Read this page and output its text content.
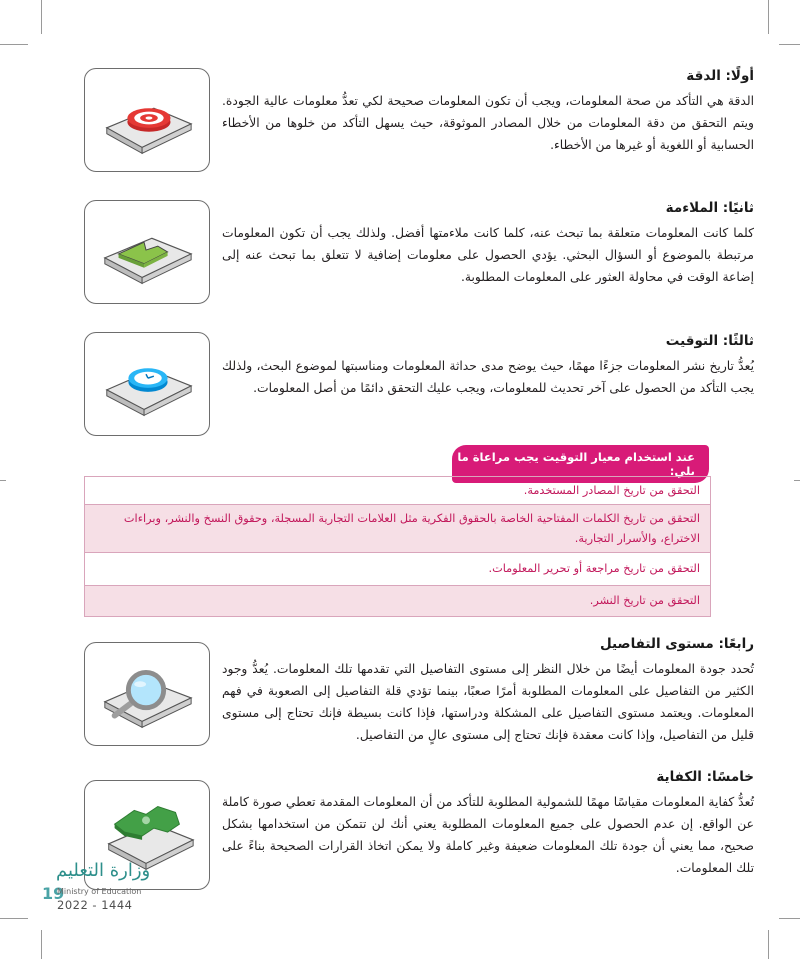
أولًا: الدقة

الدقة هي التأكد من صحة المعلومات، ويجب أن تكون المعلومات صحيحة لكي تعدُّ معلومات عالية الجودة. ويتم التحقق من دقة المعلومات من خلال المصادر الموثوقة، حيث يسهل التأكد من خلوها من الأخطاء الحسابية أو اللغوية أو غيرها من الأخطاء.

ثانيًا: الملاءمة

كلما كانت المعلومات متعلقة بما تبحث عنه، كلما كانت ملاءمتها أفضل. ولذلك يجب أن تكون المعلومات مرتبطة بالموضوع أو السؤال البحثي. يؤدي الحصول على معلومات إضافية لا تتعلق بما تبحث عنه إلى إضاعة الوقت في محاولة العثور على المعلومات المطلوبة.

ثالثًا: التوقيت

يُعدُّ تاريخ نشر المعلومات جزءًا مهمًا، حيث يوضح مدى حداثة المعلومات ومناسبتها لموضوع البحث، ولذلك يجب التأكد من الحصول على آخر تحديث للمعلومات، ويجب عليك التحقق دائمًا من أصل المعلومات.

عند استخدام معيار التوقيت يجب مراعاة ما يلي:
التحقق من تاريخ المصادر المستخدمة.
التحقق من تاريخ الكلمات المفتاحية الخاصة بالحقوق الفكرية مثل العلامات التجارية المسجلة، وحقوق النسخ والنشر، وبراءات الاختراع، والأسرار التجارية.
التحقق من تاريخ مراجعة أو تحرير المعلومات.
التحقق من تاريخ النشر.
رابعًا: مستوى التفاصيل

تُحدد جودة المعلومات أيضًا من خلال النظر إلى مستوى التفاصيل التي تقدمها تلك المعلومات. يُعدُّ وجود الكثير من التفاصيل على المعلومات المطلوبة أمرًا صعبًا، بينما تؤدي قلة التفاصيل إلى الصعوبة في فهم المعلومات. ويعتمد مستوى التفاصيل على المشكلة ودراستها، فإذا كانت بسيطة فإنك تحتاج إلى مستوى قليل من التفاصيل، وإذا كانت معقدة فإنك تحتاج إلى مستوى عالٍ من التفاصيل.

خامسًا: الكفاية

تُعدُّ كفاية المعلومات مقياسًا مهمًا للشمولية المطلوبة للتأكد من أن المعلومات المقدمة تعطي صورة كاملة عن الواقع. إن عدم الحصول على جميع المعلومات المطلوبة يعني أنك لن تتمكن من استخدامها بشكل صحيح، مما يعني أن جودة تلك المعلومات ضعيفة وغير كاملة ولا يمكن اتخاذ القرارات الصحيحة بناءً على تلك المعلومات.

وزارة التعليم
19
Ministry of Education
2022 - 1444
